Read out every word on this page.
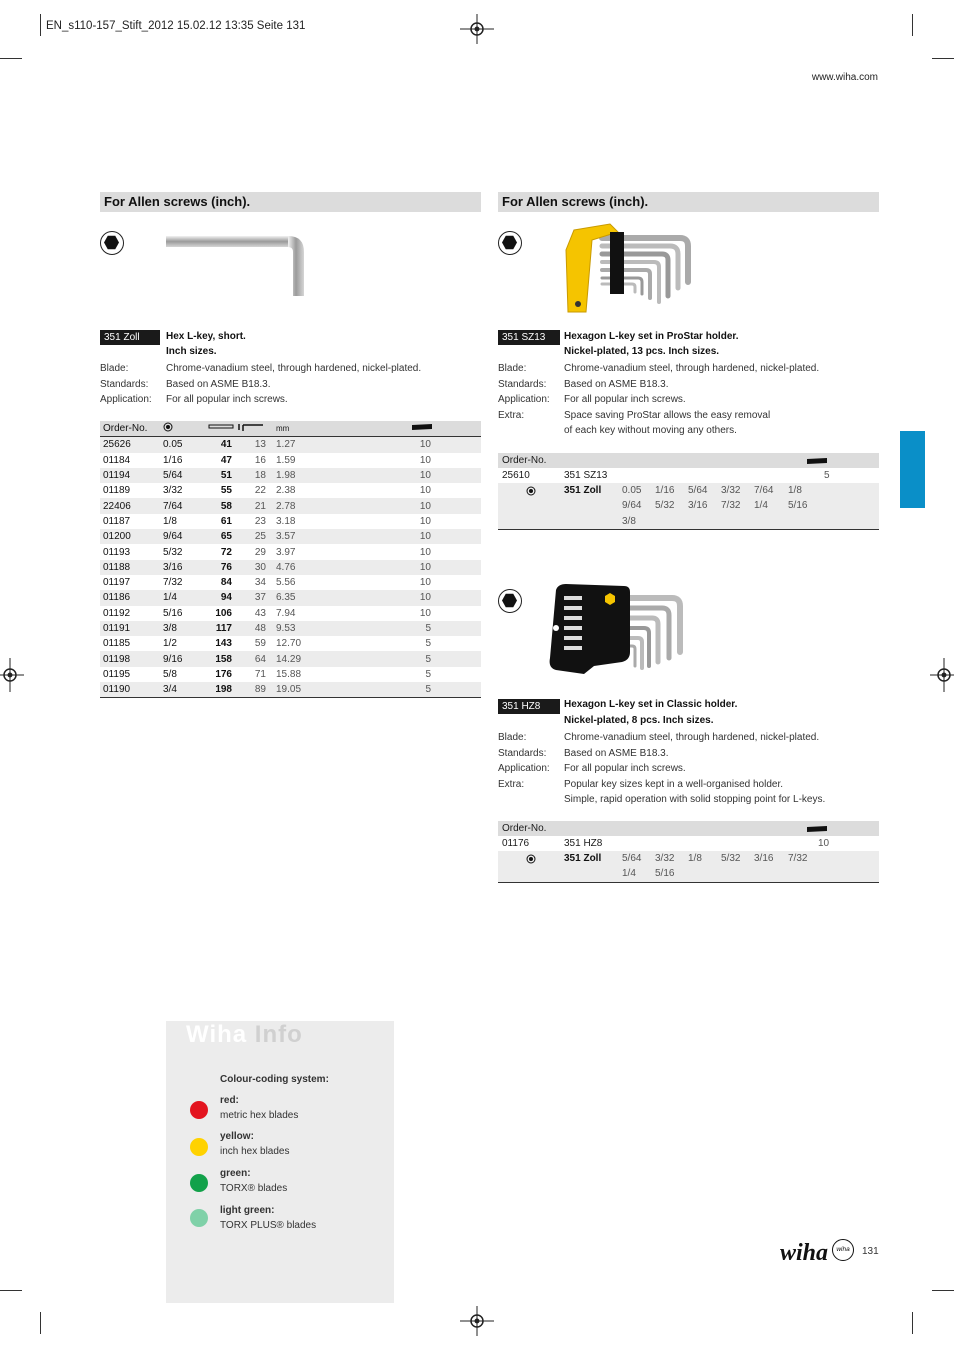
EN_s110-157_Stift_2012 15.02.12 13:35 Seite 131
www.wiha.com
For Allen screws (inch).
351 Zoll	Hex L-key, short.
Inch sizes.
Blade:	Chrome-vanadium steel, through hardened, nickel-plated.
Standards: Based on ASME B18.3.
Application: For all popular inch screws.
Order-No.				mm		
25626	0.05	41	13	1.27		10
01184	1/16	47	16	1.59		10
01194	5/64	51	18	1.98		10
01189	3/32	55	22	2.38		10
22406	7/64	58	21	2.78		10
01187	1/8	61	23	3.18		10
01200	9/64	65	25	3.57		10
01193	5/32	72	29	3.97		10
01188	3/16	76	30	4.76		10
01197	7/32	84	34	5.56		10
01186	1/4	94	37	6.35		10
01192	5/16	106	43	7.94		10
01191	3/8	117	48	9.53		5
01185	1/2	143	59	12.70		5
01198	9/16	158	64	14.29		5
01195	5/8	176	71	15.88		5
01190	3/4	198	89	19.05		5
For Allen screws (inch).
351 SZ13	Hexagon L-key set in ProStar holder.
Nickel-plated, 13 pcs. Inch sizes.
Blade:	Chrome-vanadium steel, through hardened, nickel-plated.
Standards: Based on ASME B18.3.
Application: For all popular inch screws.
Extra:	Space saving ProStar allows the easy removal
of each key without moving any others.
Order-No.
25610	351 SZ13	5
351 Zoll 0.05 1/16 5/64 3/32 7/64 1/8
9/64 5/32 3/16 7/32 1/4 5/16
3/8
351 HZ8	Hexagon L-key set in Classic holder.
Nickel-plated, 8 pcs. Inch sizes.
Blade:	Chrome-vanadium steel, through hardened, nickel-plated.
Standards: Based on ASME B18.3.
Application: For all popular inch screws.
Extra:	Popular key sizes kept in a well-organised holder.
Simple, rapid operation with solid stopping point for L-keys.
Order-No.
01176	351 HZ8	10
351 Zoll 5/64 3/32 1/8 5/32 3/16 7/32
1/4 5/16
Wiha Info
Colour-coding system:
red:
metric hex blades
yellow:
inch hex blades
green:
TORX® blades
light green:
TORX PLUS® blades
wiha	wiha	131
